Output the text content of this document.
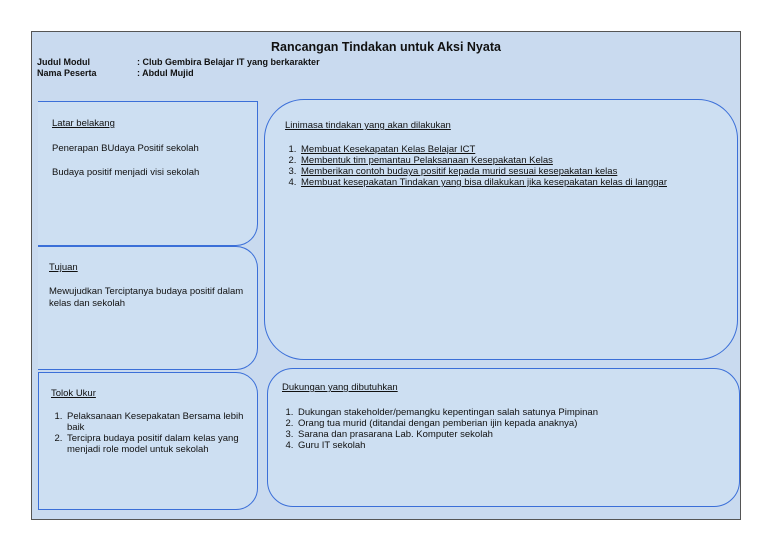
Rancangan Tindakan untuk Aksi Nyata
Judul Modul	: Club Gembira Belajar IT yang berkarakter
Nama Peserta	: Abdul Mujid
Latar belakang
Penerapan BUdaya Positif sekolah
Budaya positif menjadi visi sekolah
Tujuan
Mewujudkan Terciptanya budaya positif dalam kelas dan sekolah
Tolok Ukur
1. Pelaksanaan Kesepakatan Bersama lebih baik
2. Tercipra budaya positif dalam kelas yang menjadi role model untuk sekolah
Linimasa tindakan yang akan dilakukan
1. Membuat Kesekapatan Kelas Belajar ICT
2. Membentuk tim pemantau Pelaksanaan Kesepakatan Kelas
3. Memberikan contoh budaya positif kepada murid sesuai kesepakatan kelas
4. Membuat kesepakatan Tindakan yang bisa dilakukan jika kesepakatan kelas di langgar
Dukungan yang dibutuhkan
1. Dukungan stakeholder/pemangku kepentingan salah satunya Pimpinan
2. Orang tua murid (ditandai dengan pemberian ijin kepada anaknya)
3. Sarana dan prasarana Lab. Komputer sekolah
4. Guru IT sekolah
